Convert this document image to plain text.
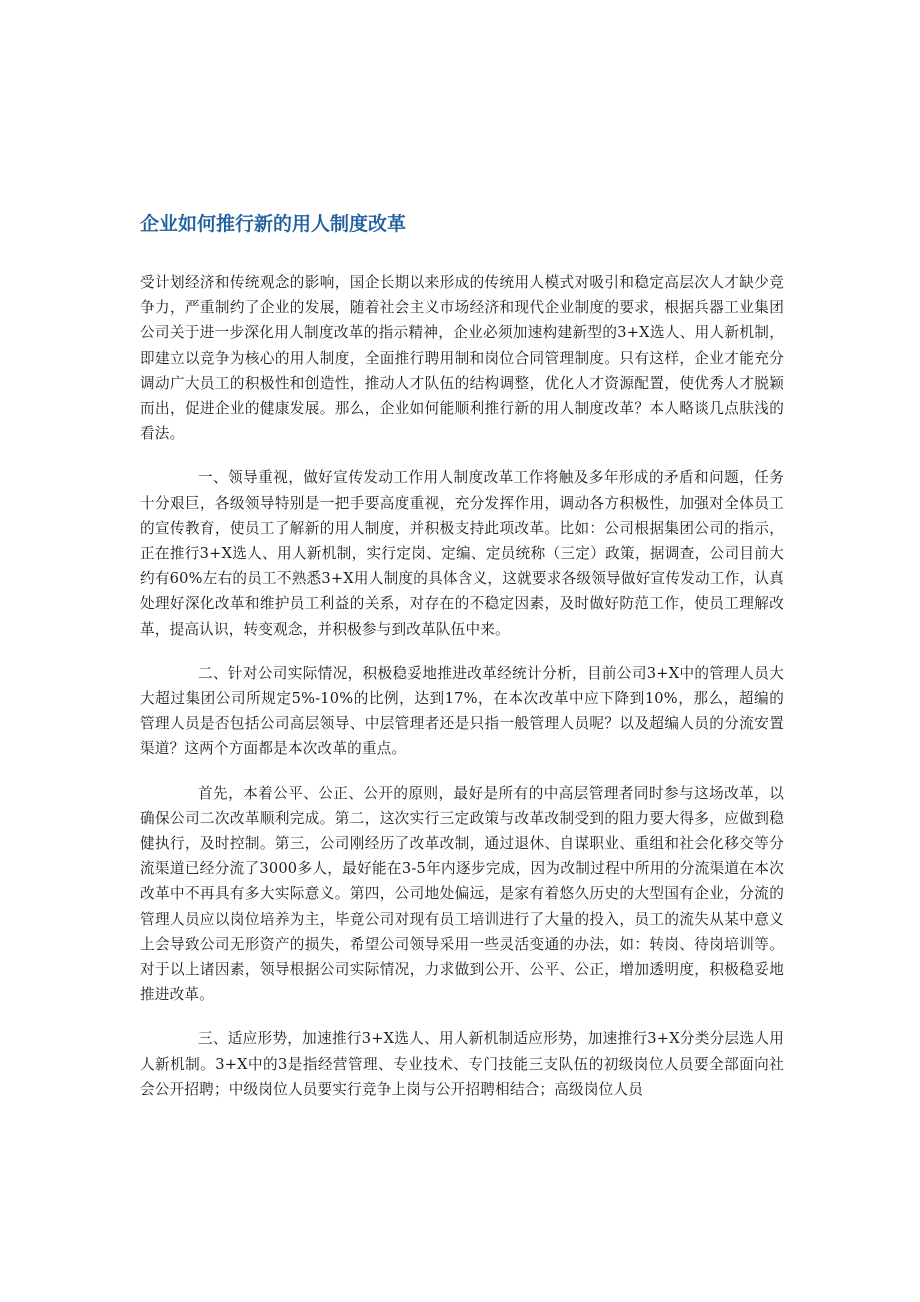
企业如何推行新的用人制度改革

受计划经济和传统观念的影响，国企长期以来形成的传统用人模式对吸引和稳定高层次人才缺少竞争力，严重制约了企业的发展，随着社会主义市场经济和现代企业制度的要求，根据兵器工业集团公司关于进一步深化用人制度改革的指示精神，企业必须加速构建新型的3+X选人、用人新机制，即建立以竞争为核心的用人制度，全面推行聘用制和岗位合同管理制度。只有这样，企业才能充分调动广大员工的积极性和创造性，推动人才队伍的结构调整，优化人才资源配置，使优秀人才脱颖而出，促进企业的健康发展。那么，企业如何能顺利推行新的用人制度改革？本人略谈几点肤浅的看法。

一、领导重视，做好宣传发动工作用人制度改革工作将触及多年形成的矛盾和问题，任务十分艰巨，各级领导特别是一把手要高度重视，充分发挥作用，调动各方积极性，加强对全体员工的宣传教育，使员工了解新的用人制度，并积极支持此项改革。比如：公司根据集团公司的指示，正在推行3+X选人、用人新机制，实行定岗、定编、定员统称（三定）政策，据调查，公司目前大约有60%左右的员工不熟悉3+X用人制度的具体含义，这就要求各级领导做好宣传发动工作，认真处理好深化改革和维护员工利益的关系，对存在的不稳定因素，及时做好防范工作，使员工理解改革，提高认识，转变观念，并积极参与到改革队伍中来。

二、针对公司实际情况，积极稳妥地推进改革经统计分析，目前公司3+X中的管理人员大大超过集团公司所规定5%-10%的比例，达到17%，在本次改革中应下降到10%，那么，超编的管理人员是否包括公司高层领导、中层管理者还是只指一般管理人员呢？以及超编人员的分流安置渠道？这两个方面都是本次改革的重点。

首先，本着公平、公正、公开的原则，最好是所有的中高层管理者同时参与这场改革，以确保公司二次改革顺利完成。第二，这次实行三定政策与改革改制受到的阻力要大得多，应做到稳健执行，及时控制。第三，公司刚经历了改革改制，通过退休、自谋职业、重组和社会化移交等分流渠道已经分流了3000多人，最好能在3-5年内逐步完成，因为改制过程中所用的分流渠道在本次改革中不再具有多大实际意义。第四，公司地处偏远，是家有着悠久历史的大型国有企业，分流的管理人员应以岗位培养为主，毕竟公司对现有员工培训进行了大量的投入，员工的流失从某中意义上会导致公司无形资产的损失，希望公司领导采用一些灵活变通的办法，如：转岗、待岗培训等。对于以上诸因素，领导根据公司实际情况，力求做到公开、公平、公正，增加透明度，积极稳妥地推进改革。

三、适应形势，加速推行3+X选人、用人新机制适应形势，加速推行3+X分类分层选人用人新机制。3+X中的3是指经营管理、专业技术、专门技能三支队伍的初级岗位人员要全部面向社会公开招聘；中级岗位人员要实行竞争上岗与公开招聘相结合；高级岗位人员
